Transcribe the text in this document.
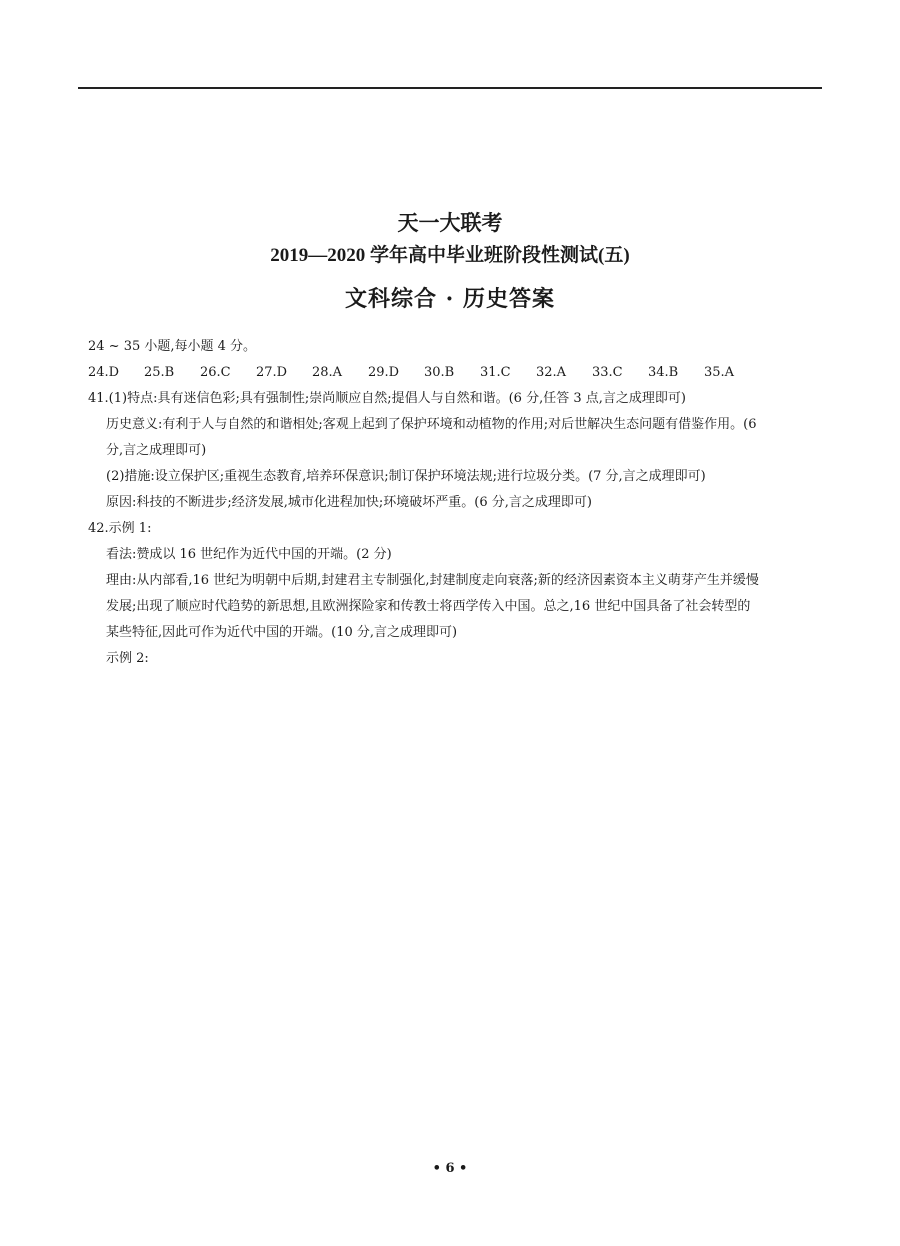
天一大联考
2019—2020 学年高中毕业班阶段性测试(五)
文科综合 · 历史答案
24 ~ 35 小题,每小题 4 分。
24.D	25.B	26.C	27.D	28.A	29.D	30.B	31.C	32.A	33.C	34.B	35.A
41.(1)特点:具有迷信色彩;具有强制性;崇尚顺应自然;提倡人与自然和谐。(6 分,任答 3 点,言之成理即可)
历史意义:有利于人与自然的和谐相处;客观上起到了保护环境和动植物的作用;对后世解决生态问题有借鉴作用。(6 分,言之成理即可)
(2)措施:设立保护区;重视生态教育,培养环保意识;制订保护环境法规;进行垃圾分类。(7 分,言之成理即可)
原因:科技的不断进步;经济发展,城市化进程加快;环境破坏严重。(6 分,言之成理即可)
42.示例 1:
看法:赞成以 16 世纪作为近代中国的开端。(2 分)
理由:从内部看,16 世纪为明朝中后期,封建君主专制强化,封建制度走向衰落;新的经济因素资本主义萌芽产生并缓慢发展;出现了顺应时代趋势的新思想,且欧洲探险家和传教士将西学传入中国。总之,16 世纪中国具备了社会转型的某些特征,因此可作为近代中国的开端。(10 分,言之成理即可)
示例 2:
• 6 •
